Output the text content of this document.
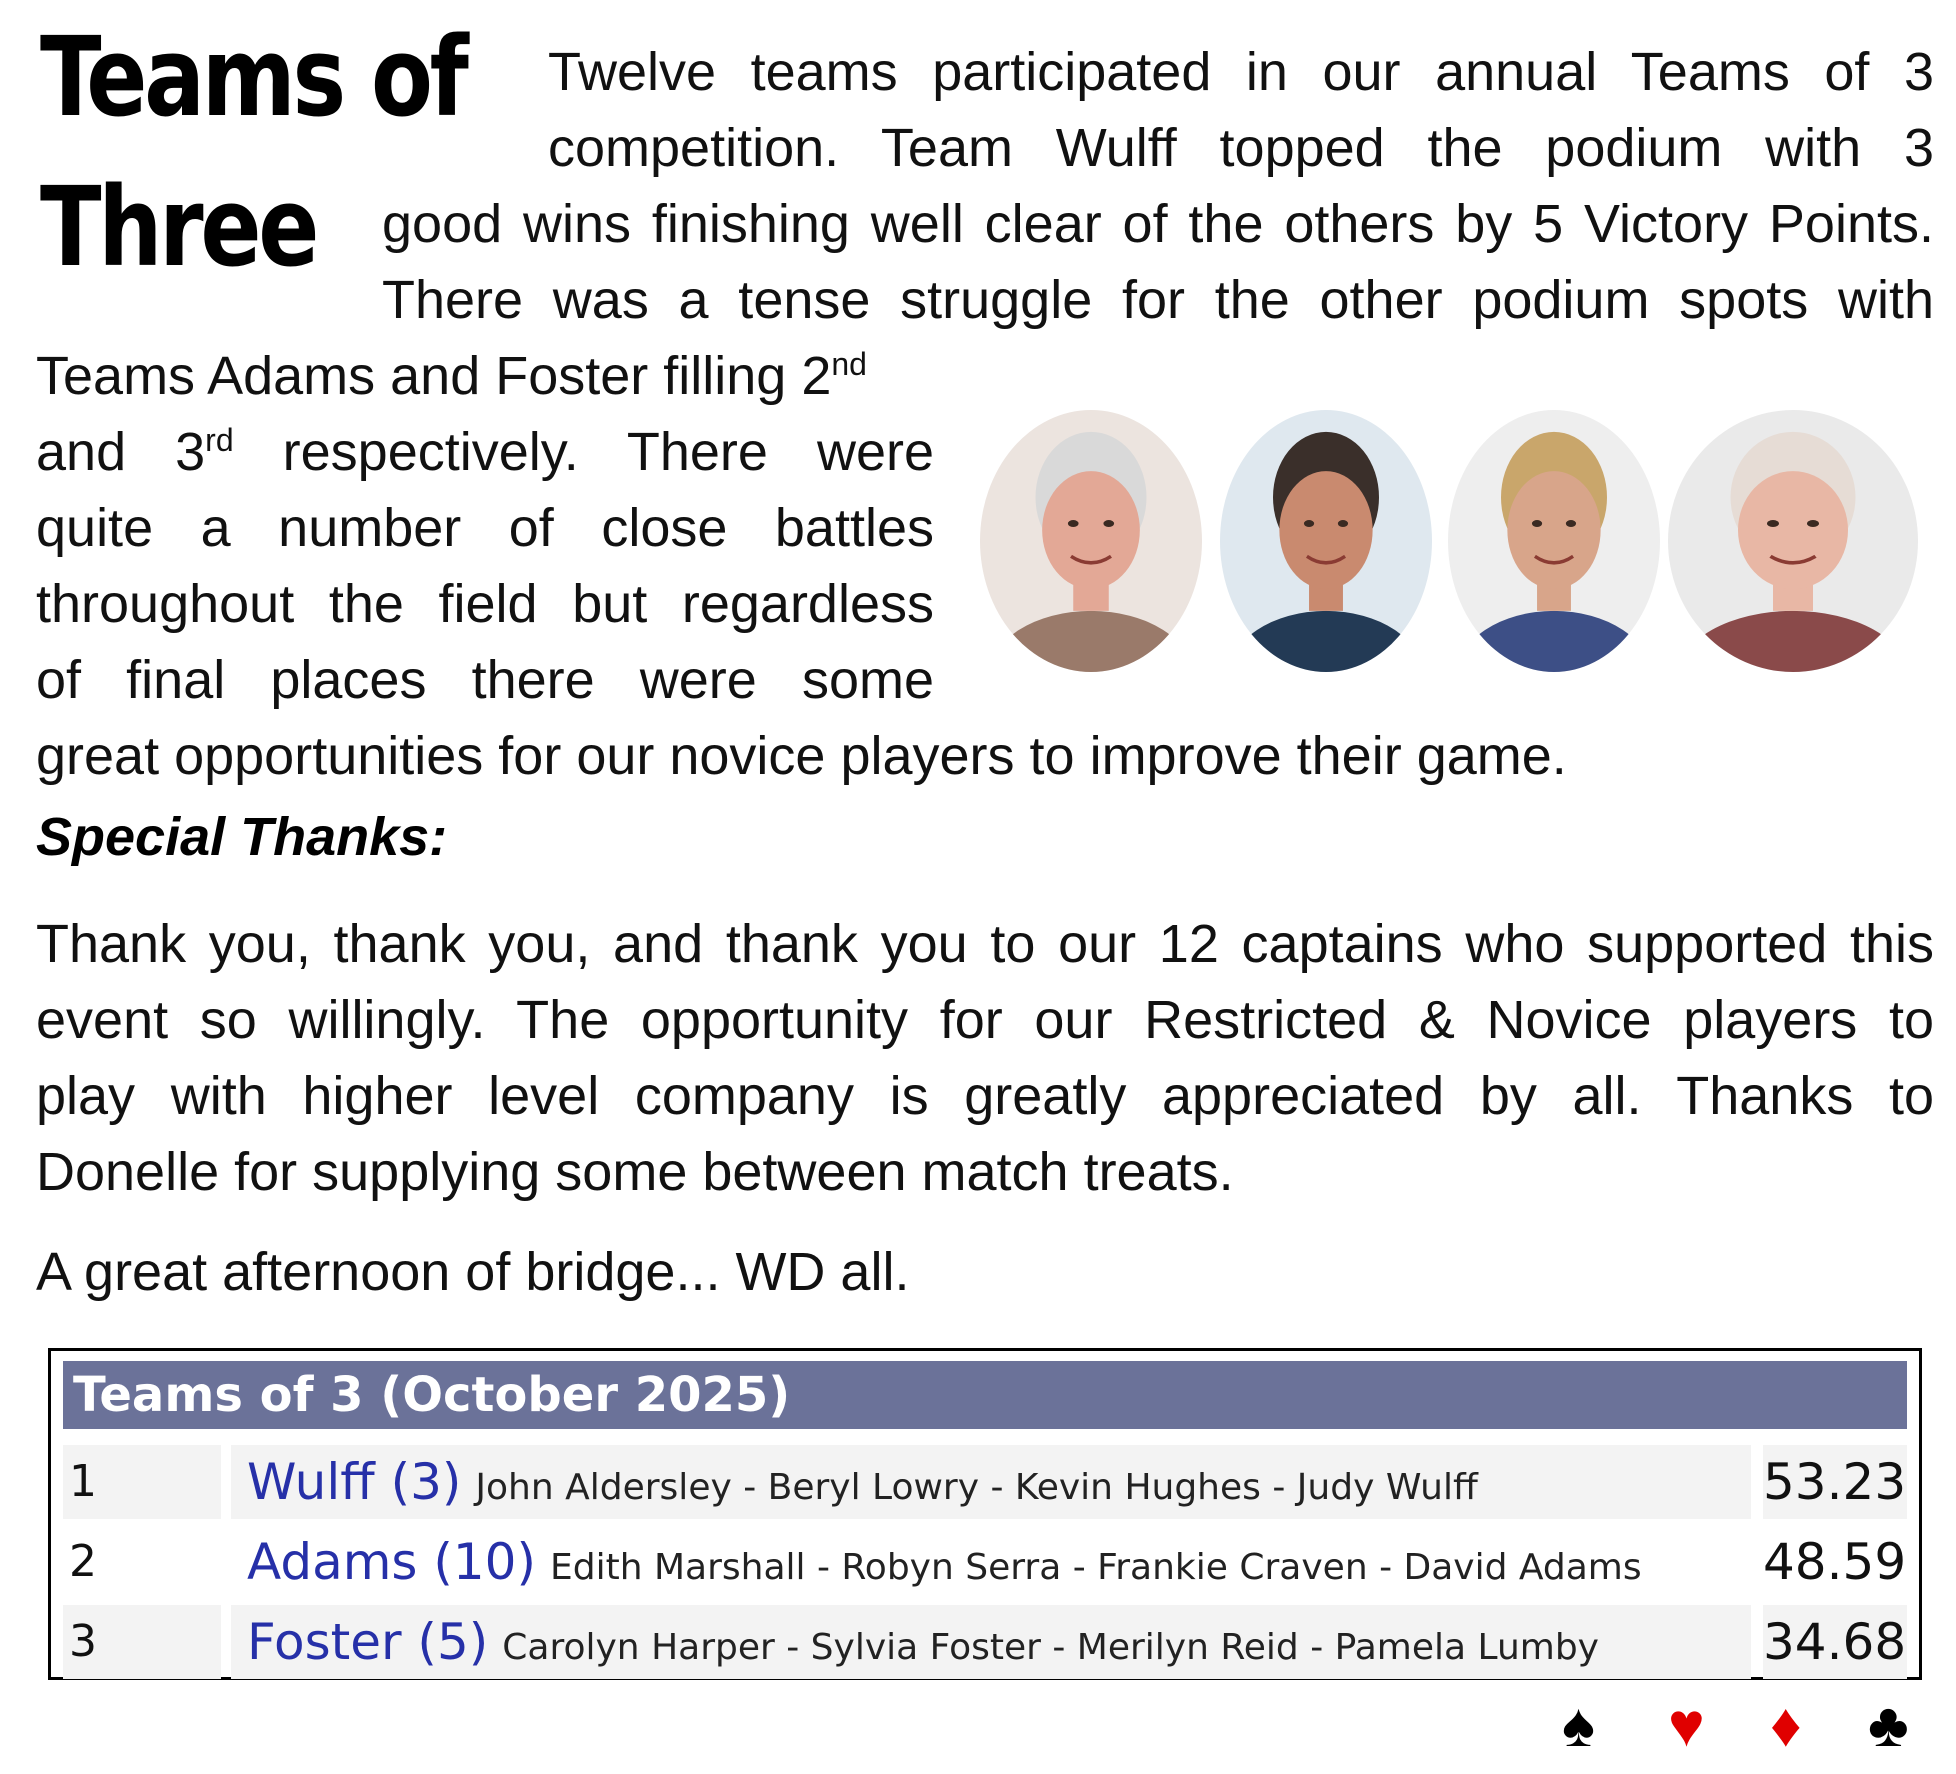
Teams of
Three
Twelve teams participated in our annual Teams of 3
competition. Team Wulff topped the podium with 3
good wins finishing well clear of the others by 5 Victory Points.
There was a tense struggle for the other podium spots with
Teams Adams and Foster filling 2nd
and 3rd respectively. There were
quite a number of close battles
throughout the field but regardless
of final places there were some
great opportunities for our novice players to improve their game.
Special Thanks:
Thank you, thank you, and thank you to our 12 captains who supported this
event so willingly. The opportunity for our Restricted & Novice players to
play with higher level company is greatly appreciated by all. Thanks to
Donelle for supplying some between match treats.
A great afternoon of bridge... WD all.
Teams of 3 (October 2025)
1	Wulff (3) John Aldersley - Beryl Lowry - Kevin Hughes - Judy Wulff	53.23
2	Adams (10) Edith Marshall - Robyn Serra - Frankie Craven - David Adams	48.59
3	Foster (5) Carolyn Harper - Sylvia Foster - Merilyn Reid - Pamela Lumby	34.68
♠ ♥ ♦ ♣
